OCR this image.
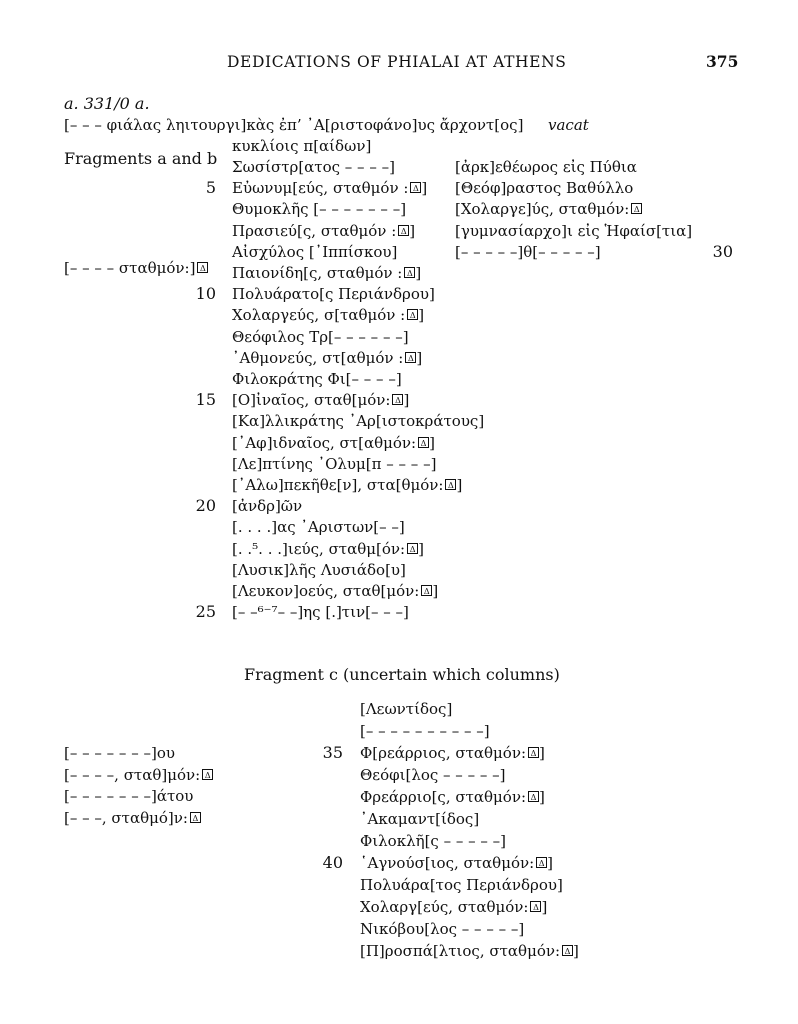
DEDICATIONS OF PHIALAI AT ATHENS	375
a. 331/0 a.
[– – – φιάλας ληιτουργι]κὰς ἐπ’ ᾽Α[ριστοφάνο]υς ἄρχοντ[ος] vacat
κυκλίοις π[αίδων]
Fragments a and b
[– – – – σταθμόν:] Δ
Σωσίστρ[ατος – – – –]
5 Εὐωνυμ[εύς, σταθμόν : Δ ]
Θυμοκλῆς [– – – – – – –]
Πρασιεύ[ς, σταθμόν : Δ ]
Αἰσχύλος [᾽Ιππίσκου]
Παιονίδη[ς, σταθμόν : Δ ]
10 Πολυάρατο[ς Περιάνδρου]
Χολαργεύς, σ[ταθμόν : Δ ]
Θεόφιλος Τρ[– – – – – –]
᾽Αθμονεύς, στ[αθμόν : Δ ]
Φιλοκράτης Φι[– – – –]
15 [Ο]ἰναῖος, σταθ[μόν: Δ ]
[Κα]λλικράτης ᾽Αρ[ιστοκράτους]
[᾽Αφ]ιδναῖος, στ[αθμόν: Δ ]
[Λε]πτίνης ᾽Ολυμ[π – – – –]
[᾽Αλω]πεκῆθε[ν], στα[θμόν: Δ ]
20 [ἀνδρ]ῶν
[. . . .]ας ᾽Αριστων[– –]
[. .⁵. . .]ιεύς, σταθμ[όν: Δ ]
[Λυσικ]λῆς Λυσιάδο[υ]
[Λευκον]οεύς, σταθ[μόν: Δ ]
25 [– –⁶⁻⁷– –]ης [.]τιν[– – –]
[ἀρκ]εθέωρος εἰς Πύθια
[Θεόφ]ραστος Βαθύλλο
[Χολαργε]ύς, σταθμόν: Δ
[γυμνασίαρχο]ι εἰς Ἡφαίσ[τια]
30
[– – – – –]θ[– – – – –]
Fragment c (uncertain which columns)
[– – – – – – –]ου
[– – – –, σταθ]μόν: Δ
[– – – – – – –]άτου
[– – –, σταθμό]ν: Δ
[Λεωντίδος]
[– – – – – – – – – –]
35 Φ[ρεάρριος, σταθμόν: Δ ]
Θεόφι[λος – – – – –]
Φρεάρριο[ς, σταθμόν: Δ ]
᾽Ακαμαντ[ίδος]
Φιλοκλῆ[ς – – – – –]
40 ῾Αγνούσ[ιος, σταθμόν: Δ ]
Πολυάρα[τος Περιάνδρου]
Χολαργ[εύς, σταθμόν: Δ ]
Νικόβου[λος – – – – –]
[Π]ροσπά[λτιος, σταθμόν: Δ ]
